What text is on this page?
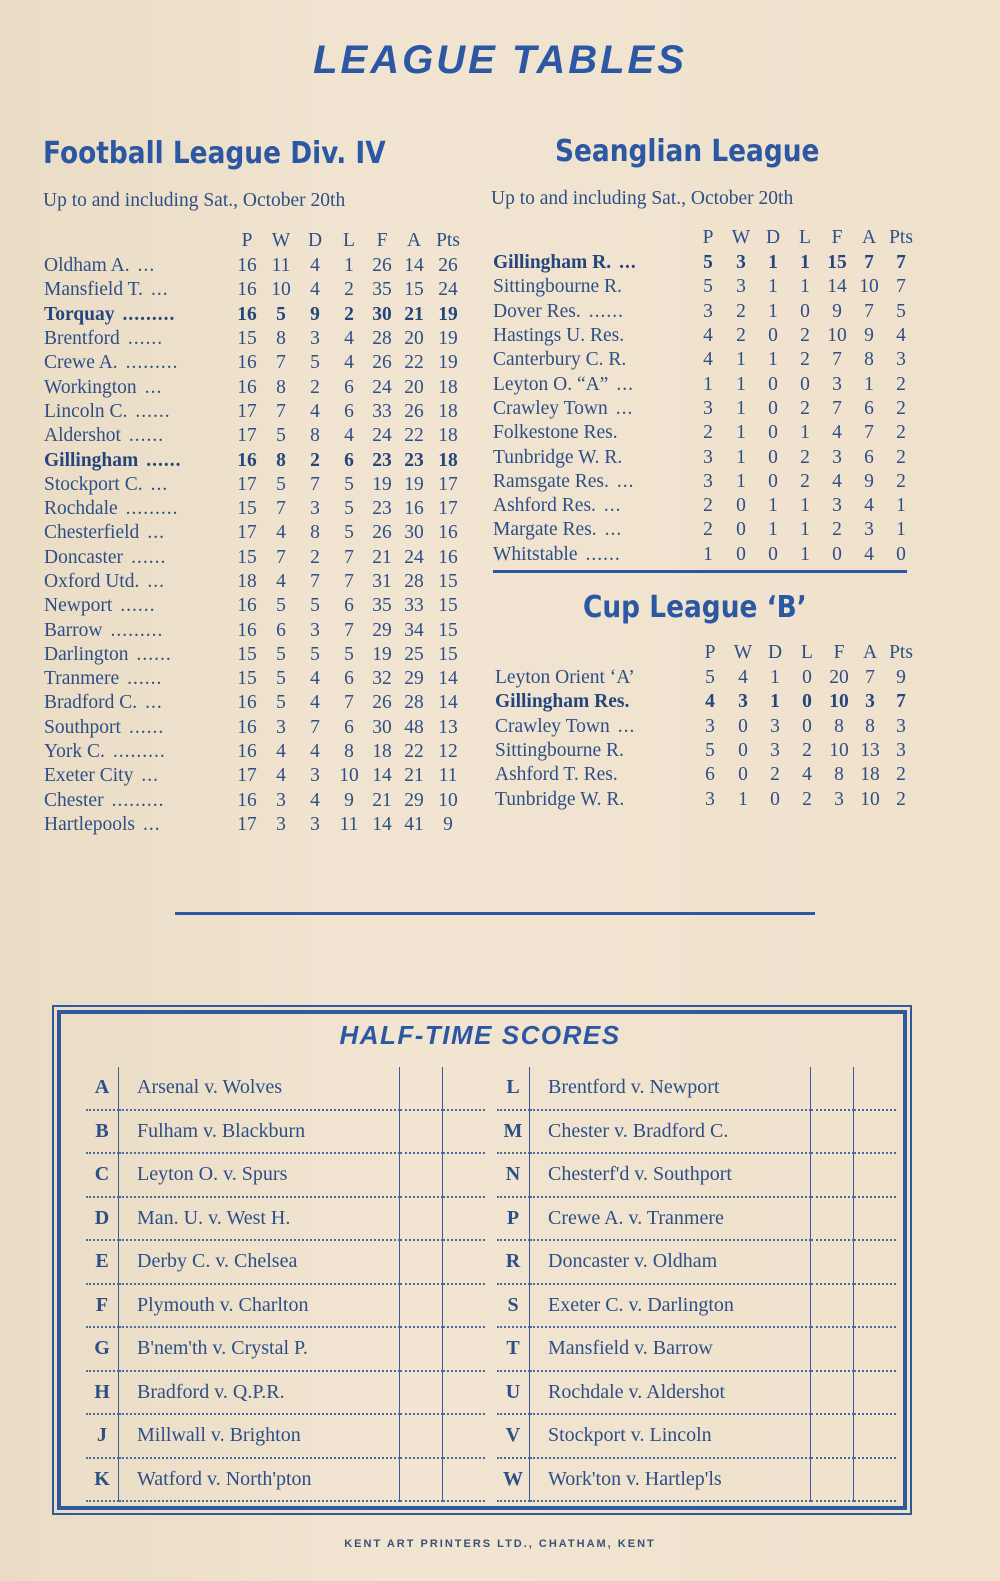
LEAGUE TABLES
Football League Div. IV

Up to and including Sat., October 20th

	P	W	D	L	F	A	Pts
Oldham A. ...	16	11	4	1	26	14	26
Mansfield T. ...	16	10	4	2	35	15	24
Torquay .........	16	5	9	2	30	21	19
Brentford ......	15	8	3	4	28	20	19
Crewe A. .........	16	7	5	4	26	22	19
Workington ...	16	8	2	6	24	20	18
Lincoln C. ......	17	7	4	6	33	26	18
Aldershot ......	17	5	8	4	24	22	18
Gillingham ......	16	8	2	6	23	23	18
Stockport C. ...	17	5	7	5	19	19	17
Rochdale .........	15	7	3	5	23	16	17
Chesterfield ...	17	4	8	5	26	30	16
Doncaster ......	15	7	2	7	21	24	16
Oxford Utd. ...	18	4	7	7	31	28	15
Newport ......	16	5	5	6	35	33	15
Barrow .........	16	6	3	7	29	34	15
Darlington ......	15	5	5	5	19	25	15
Tranmere ......	15	5	4	6	32	29	14
Bradford C. ...	16	5	4	7	26	28	14
Southport ......	16	3	7	6	30	48	13
York C. .........	16	4	4	8	18	22	12
Exeter City ...	17	4	3	10	14	21	11
Chester .........	16	3	4	9	21	29	10
Hartlepools ...	17	3	3	11	14	41	9
Seanglian League

Up to and including Sat., October 20th

	P	W	D	L	F	A	Pts
Gillingham R. ...	5	3	1	1	15	7	7
Sittingbourne R.	5	3	1	1	14	10	7
Dover Res. ......	3	2	1	0	9	7	5
Hastings U. Res.	4	2	0	2	10	9	4
Canterbury C. R.	4	1	1	2	7	8	3
Leyton O. “A” ...	1	1	0	0	3	1	2
Crawley Town ...	3	1	0	2	7	6	2
Folkestone Res.	2	1	0	1	4	7	2
Tunbridge W. R.	3	1	0	2	3	6	2
Ramsgate Res. ...	3	1	0	2	4	9	2
Ashford Res. ...	2	0	1	1	3	4	1
Margate Res. ...	2	0	1	1	2	3	1
Whitstable ......	1	0	0	1	0	4	0
Cup League ‘B’
	P	W	D	L	F	A	Pts
Leyton Orient ‘A’	5	4	1	0	20	7	9
Gillingham Res.	4	3	1	0	10	3	7
Crawley Town ...	3	0	3	0	8	8	3
Sittingbourne R.	5	0	3	2	10	13	3
Ashford T. Res.	6	0	2	4	8	18	2
Tunbridge W. R.	3	1	0	2	3	10	2
HALF-TIME SCORES
A	Arsenal v. Wolves		
B	Fulham v. Blackburn		
C	Leyton O. v. Spurs		
D	Man. U. v. West H.		
E	Derby C. v. Chelsea		
F	Plymouth v. Charlton		
G	B'nem'th v. Crystal P.		
H	Bradford v. Q.P.R.		
J	Millwall v. Brighton		
K	Watford v. North'pton		
L	Brentford v. Newport		
M	Chester v. Bradford C.		
N	Chesterf'd v. Southport		
P	Crewe A. v. Tranmere		
R	Doncaster v. Oldham		
S	Exeter C. v. Darlington		
T	Mansfield v. Barrow		
U	Rochdale v. Aldershot		
V	Stockport v. Lincoln		
W	Work'ton v. Hartlep'ls		

KENT ART PRINTERS LTD., CHATHAM, KENT
